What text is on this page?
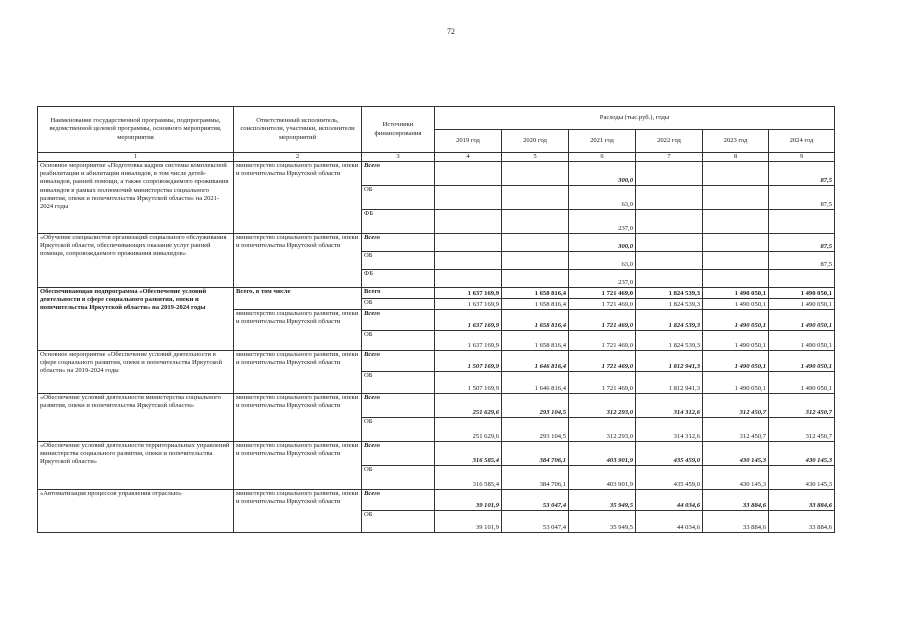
72
Наименование государственной программы, подпрограммы, ведомственной целевой программы, основного мероприятия, мероприятия	Ответственный исполнитель, соисполнители, участники, исполнители мероприятий	Источники финансирования	Расходы (тыс.руб.), годы					
			2019 год	2020 год	2021 год	2022 год	2023 год	2024 год
1	2	3	4	5	6	7	8	9
Основное мероприятие «Подготовка кадров системы комплексной реабилитации и абилитации инвалидов, в том числе детей-инвалидов, ранней помощи, а также сопровождаемого проживания инвалидов в рамках полномочий министерства социального развития, опеки и попечительства Иркутской области» на 2021-2024 годы	министерство социального развития, опеки и попечительства Иркутской области	Всего			300,0			87,5
		ОБ			63,0			87,5
		ФБ			237,0			
«Обучение специалистов организаций социального обслуживания Иркутской области, обеспечивающих оказание услуг ранней помощи, сопровождаемого проживания инвалидов»	министерство социального развития, опеки и попечительства Иркутской области	Всего			300,0			87,5
		ОБ			63,0			87,5
		ФБ			237,0			
Обеспечивающая подпрограмма «Обеспечение условий деятельности в сфере социального развития, опеки и попечительства Иркутской области» на 2019-2024 годы	Всего, в том числе	Всего	1 637 169,9	1 658 816,4	1 721 469,0	1 824 539,3	1 490 050,1	1 490 050,1
		ОБ	1 637 169,9	1 658 816,4	1 721 469,0	1 824 539,3	1 490 050,1	1 490 050,1
	министерство социального развития, опеки и попечительства Иркутской области	Всего	1 637 169,9	1 658 816,4	1 721 469,0	1 824 539,3	1 490 050,1	1 490 050,1
		ОБ	1 637 169,9	1 658 816,4	1 721 469,0	1 824 539,3	1 490 050,1	1 490 050,1
Основное мероприятие «Обеспечение условий деятельности в сфере социального развития, опеки и попечительства Иркутской области» на 2019-2024 годы	министерство социального развития, опеки и попечительства Иркутской области	Всего	1 507 169,9	1 646 816,4	1 721 469,0	1 812 941,3	1 490 050,1	1 490 050,1
		ОБ	1 507 169,9	1 646 816,4	1 721 469,0	1 812 941,3	1 490 050,1	1 490 050,1
«Обеспечение условий деятельности министерства социального развития, опеки и попечительства Иркутской области»	министерство социального развития, опеки и попечительства Иркутской области	Всего	251 629,6	293 104,5	312 293,0	314 312,6	312 450,7	312 450,7
		ОБ	251 629,6	293 104,5	312 293,0	314 312,6	312 450,7	312 450,7
«Обеспечение условий деятельности территориальных управлений министерства социального развития, опеки и попечительства Иркутской области»	министерство социального развития, опеки и попечительства Иркутской области	Всего	316 585,4	384 706,1	403 901,9	435 459,0	430 145,3	430 145,3
		ОБ	316 585,4	384 706,1	403 901,9	435 459,0	430 145,3	430 145,3
«Автоматизация процессов управления отраслью»	министерство социального развития, опеки и попечительства Иркутской области	Всего	39 101,9	53 047,4	35 949,5	44 034,6	33 884,6	33 884,6
		ОБ	39 101,9	53 047,4	35 949,5	44 034,6	33 884,6	33 884,6
